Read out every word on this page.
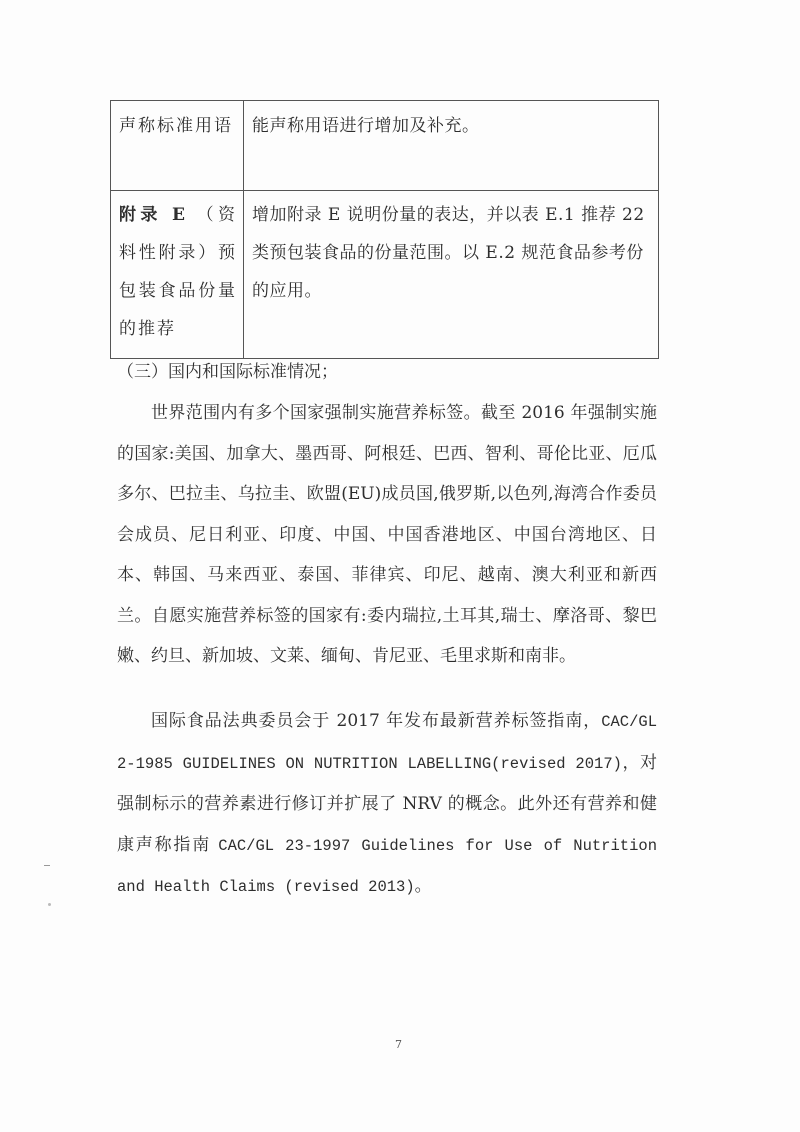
声称标准用语	能声称用语进行增加及补充。
附录 E （资料性附录）预包装食品份量的推荐	增加附录 E 说明份量的表达，并以表 E.1 推荐 22 类预包装食品的份量范围。以 E.2 规范食品参考份的应用。
（三）国内和国际标准情况；

世界范围内有多个国家强制实施营养标签。截至 2016 年强制实施的国家:美国、加拿大、墨西哥、阿根廷、巴西、智利、哥伦比亚、厄瓜多尔、巴拉圭、乌拉圭、欧盟(EU)成员国,俄罗斯,以色列,海湾合作委员会成员、尼日利亚、印度、中国、中国香港地区、中国台湾地区、日本、韩国、马来西亚、泰国、菲律宾、印尼、越南、澳大利亚和新西兰。自愿实施营养标签的国家有:委内瑞拉,土耳其,瑞士、摩洛哥、黎巴嫩、约旦、新加坡、文莱、缅甸、肯尼亚、毛里求斯和南非。

国际食品法典委员会于 2017 年发布最新营养标签指南，CAC/GL 2-1985 GUIDELINES ON NUTRITION LABELLING(revised 2017)，对强制标示的营养素进行修订并扩展了 NRV 的概念。此外还有营养和健康声称指南 CAC/GL 23-1997 Guidelines for Use of Nutrition and Health Claims (revised 2013)。

7
